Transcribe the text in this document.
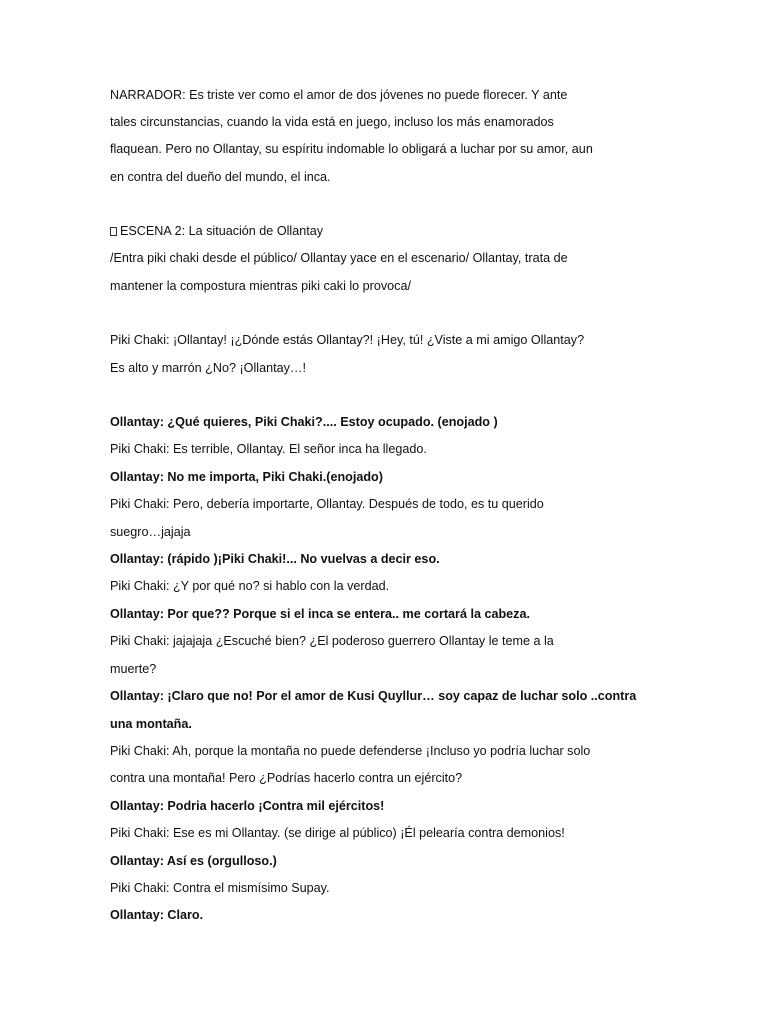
NARRADOR: Es triste ver como el amor de dos jóvenes no puede florecer. Y ante
tales circunstancias, cuando la vida está en juego, incluso los más enamorados
flaquean. Pero no Ollantay, su espíritu indomable lo obligará a luchar por su amor, aun
en contra del dueño del mundo, el inca.
ESCENA 2: La situación de Ollantay
/Entra piki chaki desde el público/ Ollantay yace en el escenario/ Ollantay, trata de
mantener la compostura mientras piki caki lo provoca/
Piki Chaki: ¡Ollantay! ¡¿Dónde estás Ollantay?! ¡Hey, tú! ¿Viste a mi amigo Ollantay?
Es alto y marrón ¿No? ¡Ollantay…!
Ollantay: ¿Qué quieres, Piki Chaki?.... Estoy ocupado. (enojado )
Piki Chaki: Es terrible, Ollantay. El señor inca ha llegado.
Ollantay: No me importa, Piki Chaki.(enojado)
Piki Chaki: Pero, debería importarte, Ollantay. Después de todo, es tu querido
suegro…jajaja
Ollantay: (rápido )¡Piki Chaki!... No vuelvas a decir eso.
Piki Chaki: ¿Y por qué no? si hablo con la verdad.
Ollantay: Por que?? Porque si el inca se entera.. me cortará la cabeza.
Piki Chaki: jajajaja ¿Escuché bien? ¿El poderoso guerrero Ollantay le teme a la
muerte?
Ollantay: ¡Claro que no! Por el amor de Kusi Quyllur… soy capaz de luchar solo ..contra
una montaña.
Piki Chaki: Ah, porque la montaña no puede defenderse ¡Incluso yo podría luchar solo
contra una montaña! Pero ¿Podrías hacerlo contra un ejército?
Ollantay: Podria hacerlo ¡Contra mil ejércitos!
Piki Chaki: Ese es mi Ollantay. (se dirige al público) ¡Él pelearía contra demonios!
Ollantay: Así es (orgulloso.)
Piki Chaki: Contra el mismísimo Supay.
Ollantay: Claro.
